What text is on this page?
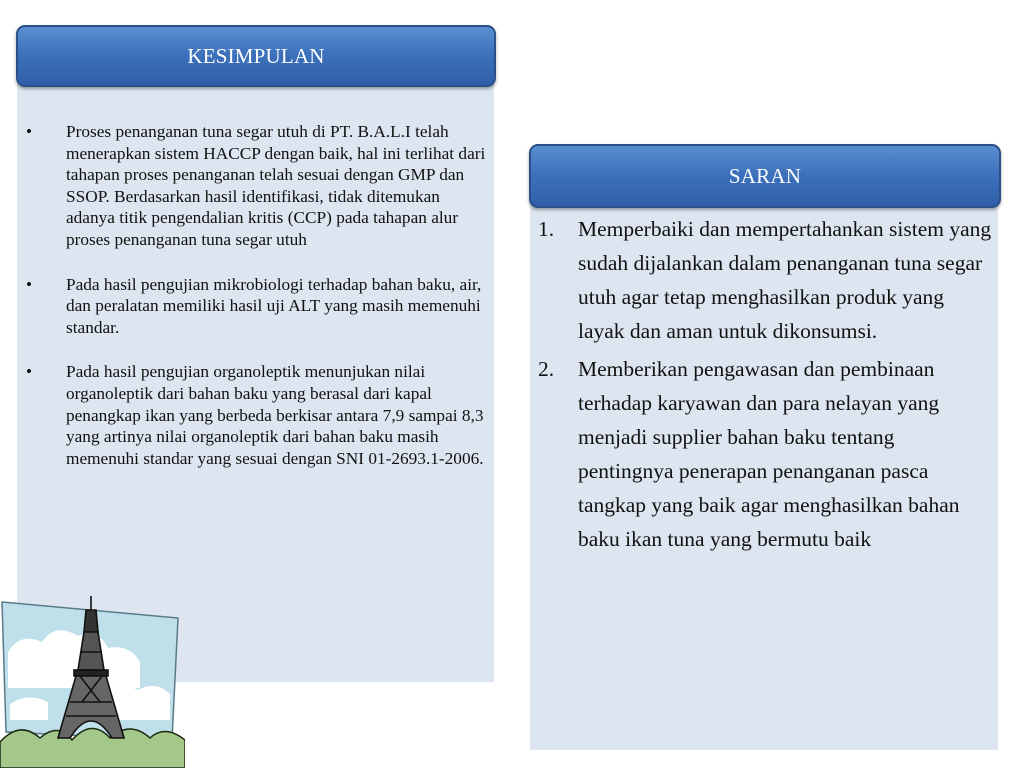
KESIMPULAN
• Proses penanganan tuna segar utuh di PT. B.A.L.I telah menerapkan sistem HACCP dengan baik, hal ini terlihat dari tahapan proses penanganan telah sesuai dengan GMP dan SSOP. Berdasarkan hasil identifikasi, tidak ditemukan adanya titik pengendalian kritis (CCP) pada tahapan alur proses penanganan tuna segar utuh
• Pada hasil pengujian mikrobiologi terhadap bahan baku, air, dan peralatan memiliki hasil uji ALT yang masih memenuhi standar.
• Pada hasil pengujian organoleptik menunjukan nilai organoleptik dari bahan baku yang berasal dari kapal penangkap ikan yang berbeda berkisar antara 7,9 sampai 8,3 yang artinya nilai organoleptik dari bahan baku masih memenuhi standar yang sesuai dengan SNI 01-2693.1-2006.
SARAN
1. Memperbaiki dan mempertahankan sistem yang sudah dijalankan dalam penanganan tuna segar utuh agar tetap menghasilkan produk yang layak dan aman untuk dikonsumsi.
2. Memberikan pengawasan dan pembinaan terhadap karyawan dan para nelayan yang menjadi supplier bahan baku tentang pentingnya penerapan penanganan pasca tangkap yang baik agar menghasilkan bahan baku ikan tuna yang bermutu baik
